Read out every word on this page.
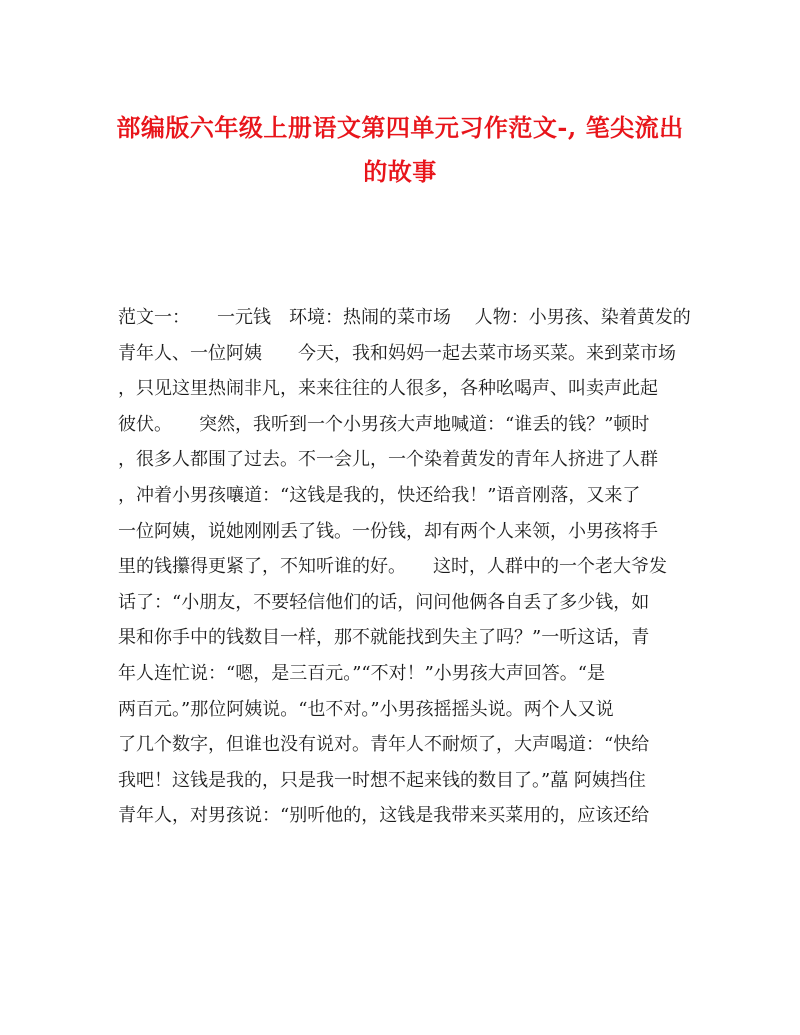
部编版六年级上册语文第四单元习作范文-, 笔尖流出
的故事
范文一：　　一元钱　环境：热闹的菜市场　 人物：小男孩、染着黄发的
青年人、一位阿姨　　今天，我和妈妈一起去菜市场买菜。来到菜市场
，只见这里热闹非凡，来来往往的人很多，各种吆喝声、叫卖声此起
彼伏。　　突然，我听到一个小男孩大声地喊道：“谁丢的钱？”顿时
，很多人都围了过去。不一会儿，一个染着黄发的青年人挤进了人群
，冲着小男孩嚷道：“这钱是我的，快还给我！”语音刚落，又来了
一位阿姨，说她刚刚丢了钱。一份钱，却有两个人来领，小男孩将手
里的钱攥得更紧了，不知听谁的好。　　这时，人群中的一个老大爷发
话了：“小朋友，不要轻信他们的话，问问他俩各自丢了多少钱，如
果和你手中的钱数目一样，那不就能找到失主了吗？”一听这话，青
年人连忙说：“嗯，是三百元。”“不对！”小男孩大声回答。“是
两百元。”那位阿姨说。“也不对。”小男孩摇摇头说。两个人又说
了几个数字，但谁也没有说对。青年人不耐烦了，大声喝道：“快给
我吧！这钱是我的，只是我一时想不起来钱的数目了。”藠 阿姨挡住
青年人，对男孩说：“别听他的，这钱是我带来买菜用的，应该还给
